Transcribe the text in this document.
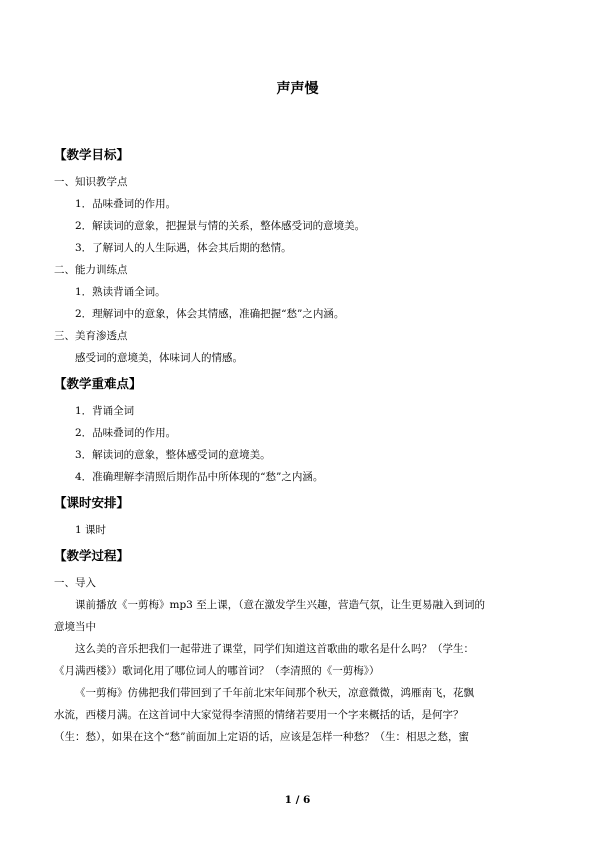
声声慢
【教学目标】
一、知识教学点
1．品味叠词的作用。
2．解读词的意象，把握景与情的关系，整体感受词的意境美。
3．了解词人的人生际遇，体会其后期的愁情。
二、能力训练点
1．熟读背诵全词。
2．理解词中的意象，体会其情感，准确把握“愁”之内涵。
三、美育渗透点
感受词的意境美，体味词人的情感。
【教学重难点】
1．背诵全词
2．品味叠词的作用。
3．解读词的意象，整体感受词的意境美。
4．准确理解李清照后期作品中所体现的“愁”之内涵。
【课时安排】
1 课时
【教学过程】
一、导入
课前播放《一剪梅》mp3 至上课，（意在激发学生兴趣，营造气氛，让生更易融入到词的
意境当中
这么美的音乐把我们一起带进了课堂，同学们知道这首歌曲的歌名是什么吗？（学生：
《月满西楼》）歌词化用了哪位词人的哪首词？（李清照的《一剪梅》）
《一剪梅》仿佛把我们带回到了千年前北宋年间那个秋天，凉意微微，鸿雁南飞，花飘
水流，西楼月满。在这首词中大家觉得李清照的情绪若要用一个字来概括的话，是何字？
（生：愁），如果在这个“愁”前面加上定语的话，应该是怎样一种愁？（生：相思之愁，蜜
1 / 6
